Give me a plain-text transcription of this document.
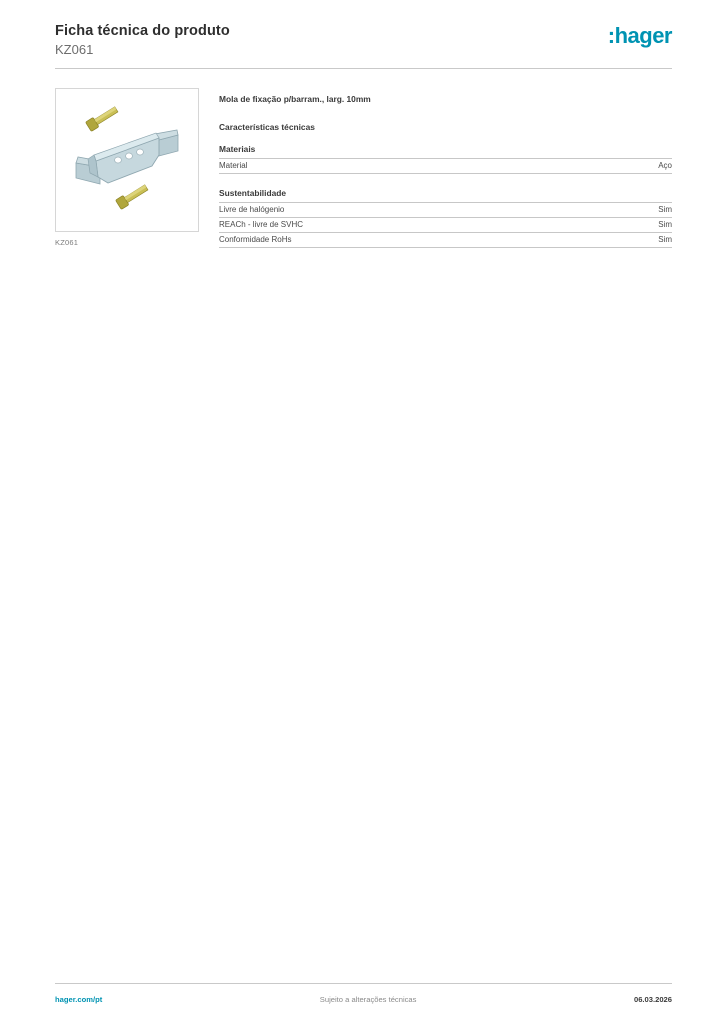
Ficha técnica do produto
KZ061
:hager
KZ061
Mola de fixação p/barram., larg. 10mm
Características técnicas
Materiais
Material	Aço
Sustentabilidade
Livre de halógenio	Sim
REACh - livre de SVHC	Sim
Conformidade RoHs	Sim
hager.com/pt	Sujeito a alterações técnicas	06.03.2026
